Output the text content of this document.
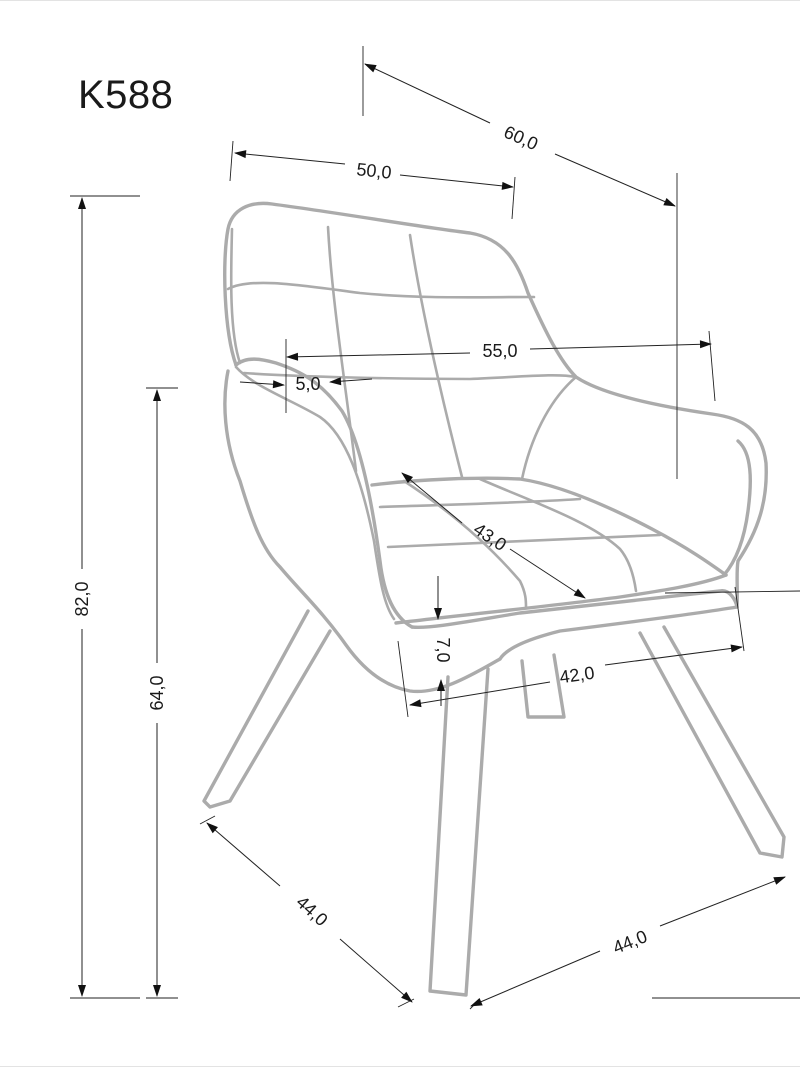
K588
50,0
60,0
55,0
5,0
43,0
7,0
42,0
82,0
64,0
44,0
44,0
